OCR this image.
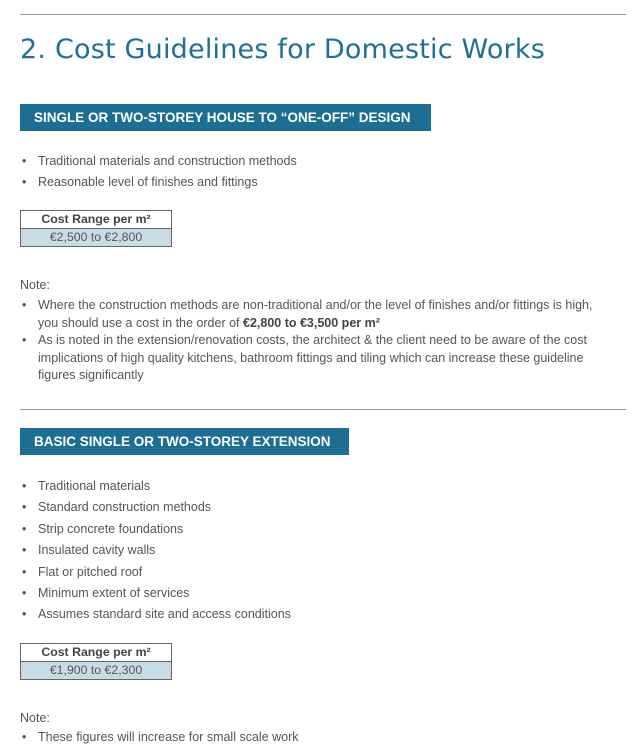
2. Cost Guidelines for Domestic Works
SINGLE OR TWO-STOREY HOUSE TO “ONE-OFF” DESIGN
• Traditional materials and construction methods
• Reasonable level of finishes and fittings
Cost Range per m²
€2,500 to €2,800
Note:
• Where the construction methods are non-traditional and/or the level of finishes and/or fittings is high, you should use a cost in the order of €2,800 to €3,500 per m²
• As is noted in the extension/renovation costs, the architect & the client need to be aware of the cost implications of high quality kitchens, bathroom fittings and tiling which can increase these guideline figures significantly
BASIC SINGLE OR TWO-STOREY EXTENSION
• Traditional materials
• Standard construction methods
• Strip concrete foundations
• Insulated cavity walls
• Flat or pitched roof
• Minimum extent of services
• Assumes standard site and access conditions
Cost Range per m²
€1,900 to €2,300
Note:
• These figures will increase for small scale work
